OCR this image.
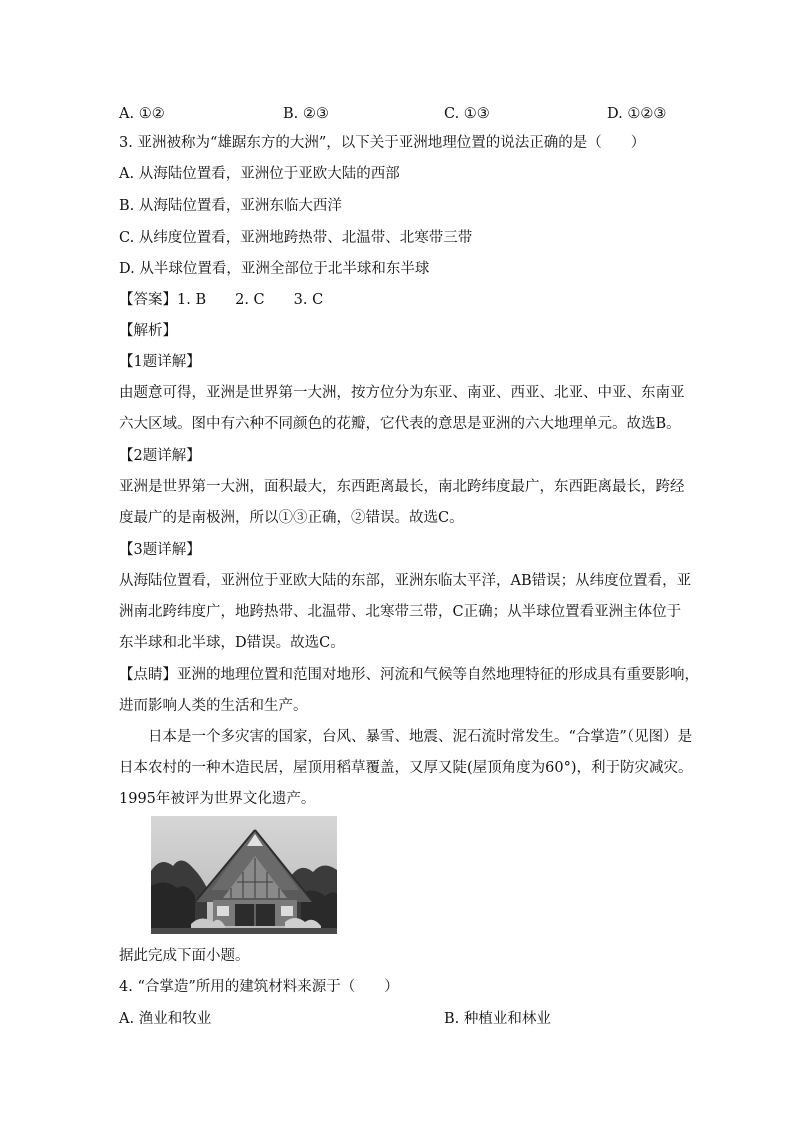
A. ①②	B. ②③	C. ①③	D. ①②③
3. 亚洲被称为“雄踞东方的大洲”，以下关于亚洲地理位置的说法正确的是（　　）
A. 从海陆位置看，亚洲位于亚欧大陆的西部
B. 从海陆位置看，亚洲东临大西洋
C. 从纬度位置看，亚洲地跨热带、北温带、北寒带三带
D. 从半球位置看，亚洲全部位于北半球和东半球
【答案】1. B　　2. C　　3. C
【解析】
【1题详解】
由题意可得，亚洲是世界第一大洲，按方位分为东亚、南亚、西亚、北亚、中亚、东南亚
六大区域。图中有六种不同颜色的花瓣，它代表的意思是亚洲的六大地理单元。故选B。
【2题详解】
亚洲是世界第一大洲，面积最大，东西距离最长，南北跨纬度最广，东西距离最长，跨经
度最广的是南极洲，所以①③正确，②错误。故选C。
【3题详解】
从海陆位置看，亚洲位于亚欧大陆的东部，亚洲东临太平洋，AB错误；从纬度位置看，亚
洲南北跨纬度广，地跨热带、北温带、北寒带三带，C正确；从半球位置看亚洲主体位于
东半球和北半球，D错误。故选C。
【点睛】亚洲的地理位置和范围对地形、河流和气候等自然地理特征的形成具有重要影响，
进而影响人类的生活和生产。
　　日本是一个多灾害的国家，台风、暴雪、地震、泥石流时常发生。“合掌造”（见图）是
日本农村的一种木造民居，屋顶用稻草覆盖，又厚又陡(屋顶角度为60°)，利于防灾减灾。
1995年被评为世界文化遗产。
据此完成下面小题。
4. “合掌造”所用的建筑材料来源于（　　）
A. 渔业和牧业	B. 种植业和林业
